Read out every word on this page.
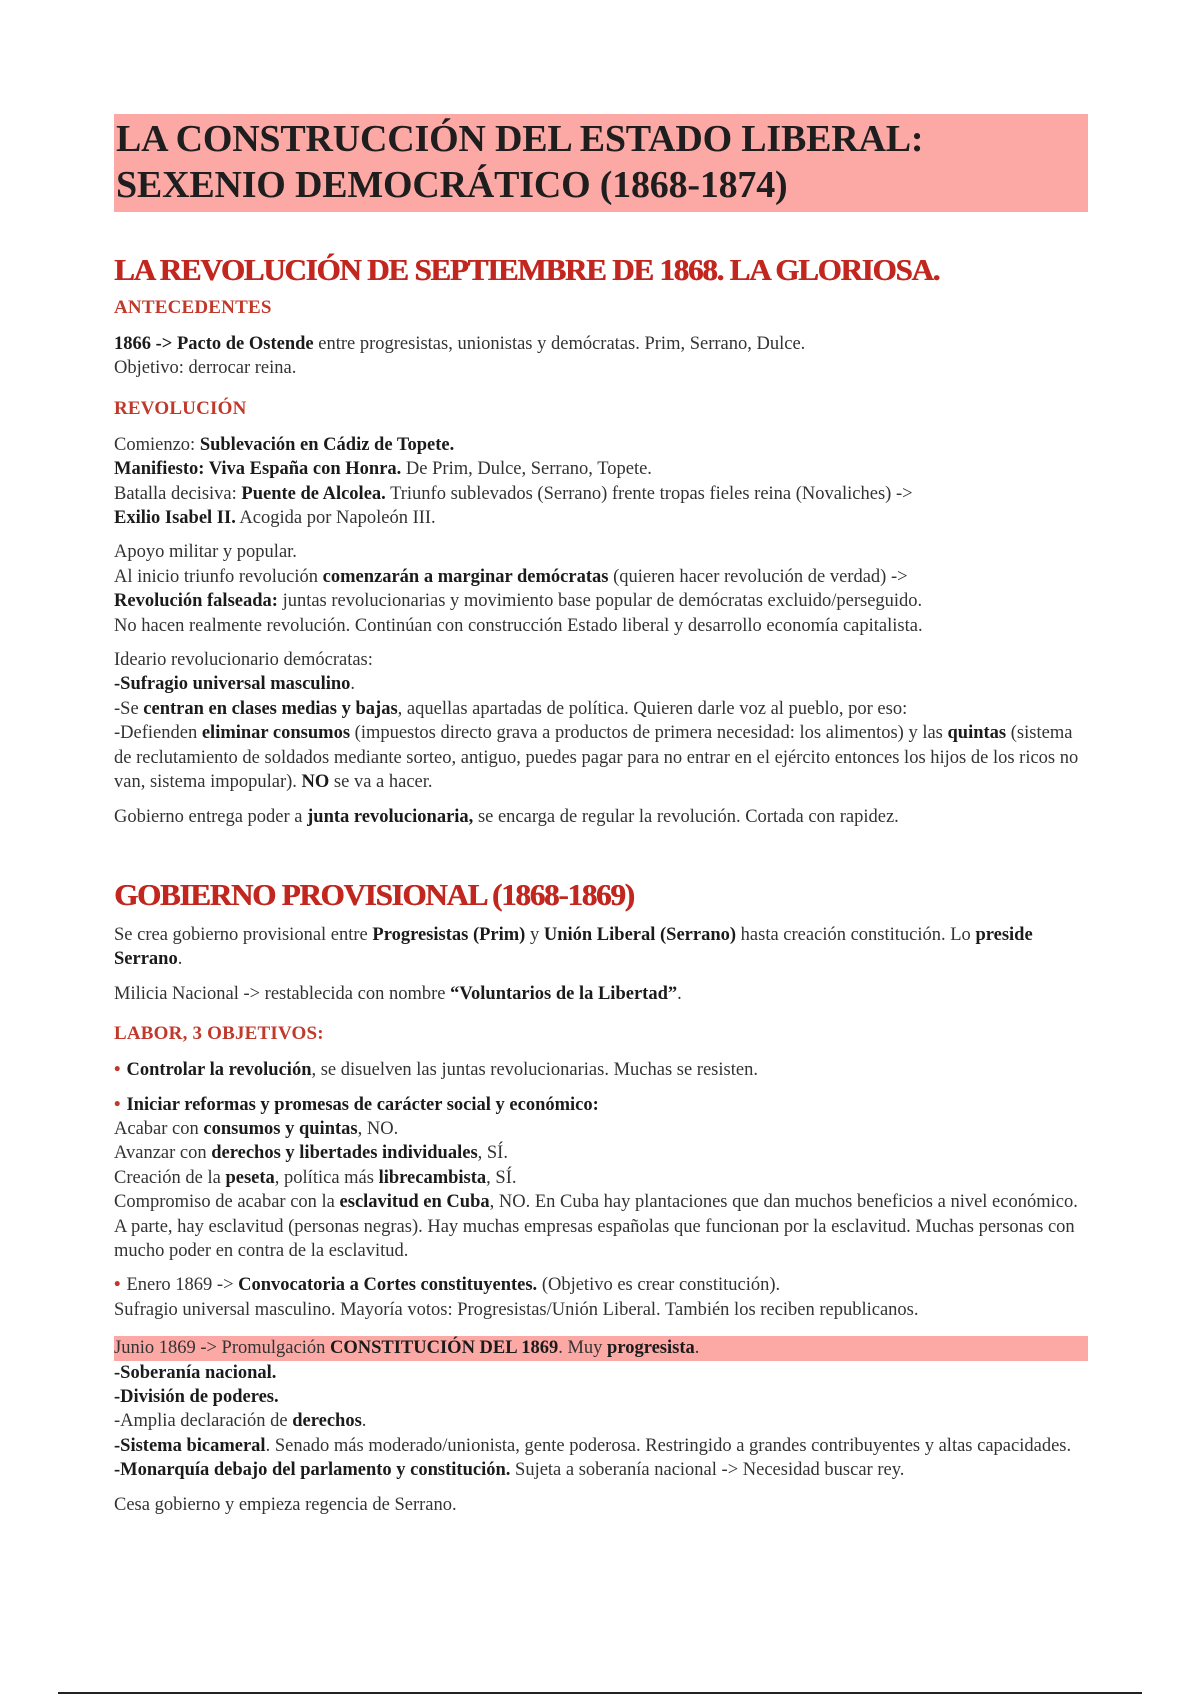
LA CONSTRUCCIÓN DEL ESTADO LIBERAL:
SEXENIO DEMOCRÁTICO (1868-1874)
LA REVOLUCIÓN DE SEPTIEMBRE DE 1868. LA GLORIOSA.
ANTECEDENTES

1866 -> Pacto de Ostende entre progresistas, unionistas y demócratas. Prim, Serrano, Dulce.
Objetivo: derrocar reina.

REVOLUCIÓN

Comienzo: Sublevación en Cádiz de Topete.
Manifiesto: Viva España con Honra. De Prim, Dulce, Serrano, Topete.
Batalla decisiva: Puente de Alcolea. Triunfo sublevados (Serrano) frente tropas fieles reina (Novaliches) ->
Exilio Isabel II. Acogida por Napoleón III.

Apoyo militar y popular.
Al inicio triunfo revolución comenzarán a marginar demócratas (quieren hacer revolución de verdad) ->
Revolución falseada: juntas revolucionarias y movimiento base popular de demócratas excluido/perseguido.
No hacen realmente revolución. Continúan con construcción Estado liberal y desarrollo economía capitalista.

Ideario revolucionario demócratas:
-Sufragio universal masculino.
-Se centran en clases medias y bajas, aquellas apartadas de política. Quieren darle voz al pueblo, por eso:
-Defienden eliminar consumos (impuestos directo grava a productos de primera necesidad: los alimentos) y las quintas (sistema de reclutamiento de soldados mediante sorteo, antiguo, puedes pagar para no entrar en el ejército entonces los hijos de los ricos no van, sistema impopular). NO se va a hacer.

Gobierno entrega poder a junta revolucionaria, se encarga de regular la revolución. Cortada con rapidez.

GOBIERNO PROVISIONAL (1868-1869)

Se crea gobierno provisional entre Progresistas (Prim) y Unión Liberal (Serrano) hasta creación constitución. Lo preside Serrano.

Milicia Nacional -> restablecida con nombre “Voluntarios de la Libertad”.

LABOR, 3 OBJETIVOS:

• Controlar la revolución, se disuelven las juntas revolucionarias. Muchas se resisten.

• Iniciar reformas y promesas de carácter social y económico:
Acabar con consumos y quintas, NO.
Avanzar con derechos y libertades individuales, SÍ.
Creación de la peseta, política más librecambista, SÍ.
Compromiso de acabar con la esclavitud en Cuba, NO. En Cuba hay plantaciones que dan muchos beneficios a nivel económico. A parte, hay esclavitud (personas negras). Hay muchas empresas españolas que funcionan por la esclavitud. Muchas personas con mucho poder en contra de la esclavitud.

• Enero 1869 -> Convocatoria a Cortes constituyentes. (Objetivo es crear constitución).
Sufragio universal masculino. Mayoría votos: Progresistas/Unión Liberal. También los reciben republicanos.

Junio 1869 -> Promulgación CONSTITUCIÓN DEL 1869. Muy progresista.
-Soberanía nacional.
-División de poderes.
-Amplia declaración de derechos.
-Sistema bicameral. Senado más moderado/unionista, gente poderosa. Restringido a grandes contribuyentes y altas capacidades.
-Monarquía debajo del parlamento y constitución. Sujeta a soberanía nacional -> Necesidad buscar rey.

Cesa gobierno y empieza regencia de Serrano.
